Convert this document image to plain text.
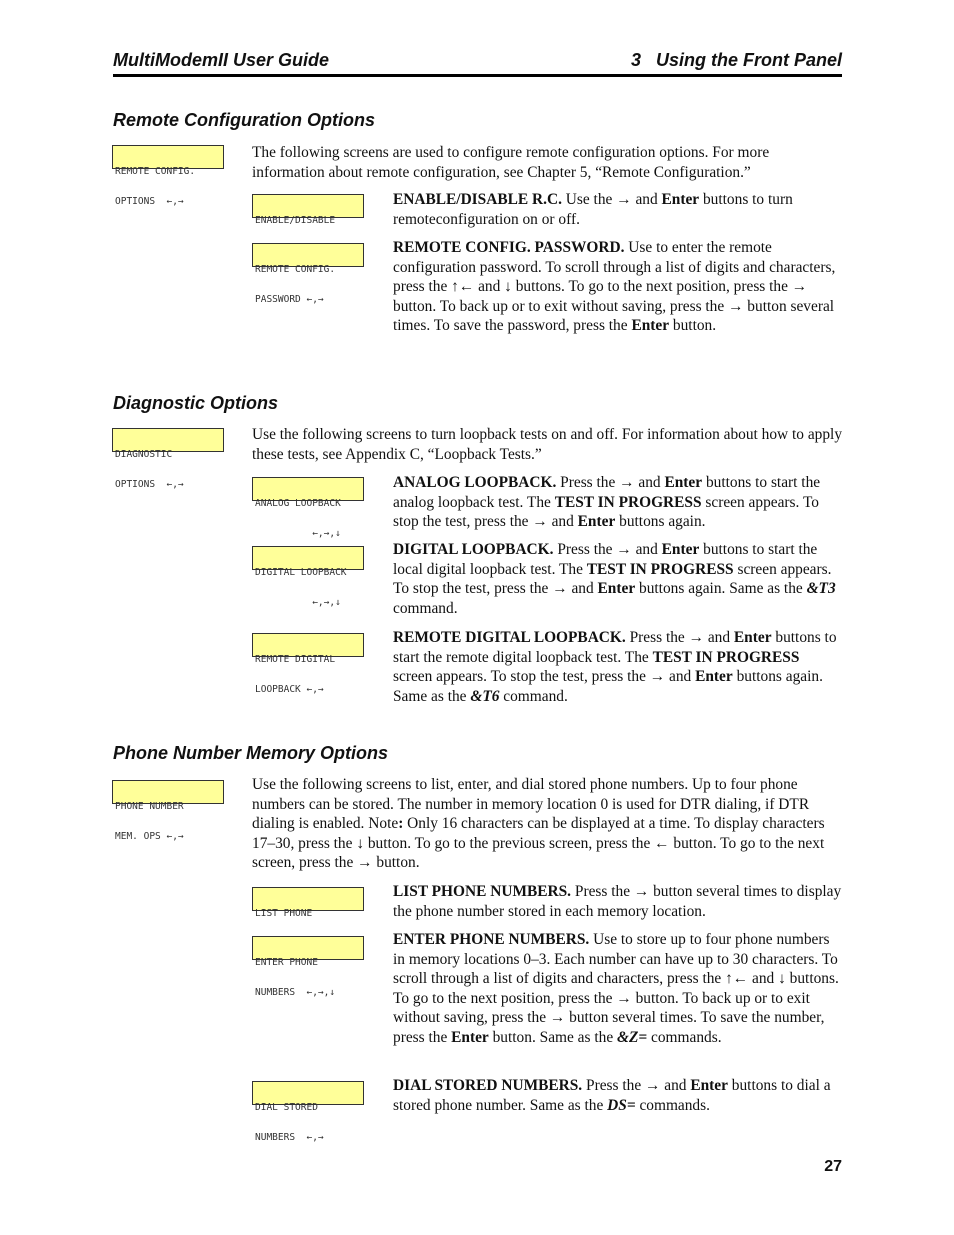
MultiModemII User Guide	3   Using the Front Panel
Remote Configuration Options

REMOTE CONFIG.

OPTIONS  ←,→

The following screens are used to configure remote configuration options. For more information about remote configuration, see Chapter 5, “Remote Configuration.”

ENABLE/DISABLE

ENABLE/DISABLE R.C. Use the → and Enter buttons to turn remoteconfiguration on or off.

REMOTE CONFIG.

PASSWORD ←,→

REMOTE CONFIG. PASSWORD. Use to enter the remote configuration password. To scroll through a list of digits and characters, press the ↑← and ↓ buttons. To go to the next position, press the → button. To back up or to exit without saving, press the → button several times. To save the password, press the Enter button.

Diagnostic Options

DIAGNOSTIC

OPTIONS  ←,→

Use the following screens to turn loopback tests on and off. For information about how to apply these tests, see Appendix C, “Loopback Tests.”

ANALOG LOOPBACK

←,→,↓

ANALOG LOOPBACK. Press the → and Enter buttons to start the analog loopback test. The TEST IN PROGRESS screen appears. To stop the test, press the → and Enter buttons again.

DIGITAL LOOPBACK

←,→,↓

DIGITAL LOOPBACK. Press the → and Enter buttons to start the local digital loopback test. The TEST IN PROGRESS screen appears. To stop the test, press the → and Enter buttons again. Same as the &T3 command.

REMOTE DIGITAL

LOOPBACK ←,→

REMOTE DIGITAL LOOPBACK. Press the → and Enter buttons to start the remote digital loopback test. The TEST IN PROGRESS screen appears. To stop the test, press the → and Enter buttons again. Same as the &T6 command.

Phone Number Memory Options

PHONE NUMBER

MEM. OPS ←,→

Use the following screens to list, enter, and dial stored phone numbers. Up to four phone numbers can be stored. The number in memory location 0 is used for DTR dialing, if DTR dialing is enabled. Note: Only 16 characters can be displayed at a time. To display characters 17–30, press the ↓ button. To go to the previous screen, press the ← button. To go to the next screen, press the → button.

LIST PHONE

LIST PHONE NUMBERS. Press the → button several times to display the phone number stored in each memory location.

ENTER PHONE

NUMBERS  ←,→,↓

ENTER PHONE NUMBERS. Use to store up to four phone numbers in memory locations 0–3. Each number can have up to 30 characters. To scroll through a list of digits and characters, press the ↑← and ↓ buttons. To go to the next position, press the → button. To back up or to exit without saving, press the → button several times. To save the number, press the Enter button. Same as the &Z= commands.

DIAL STORED

NUMBERS  ←,→

DIAL STORED NUMBERS. Press the → and Enter buttons to dial a stored phone number. Same as the DS= commands.

27
